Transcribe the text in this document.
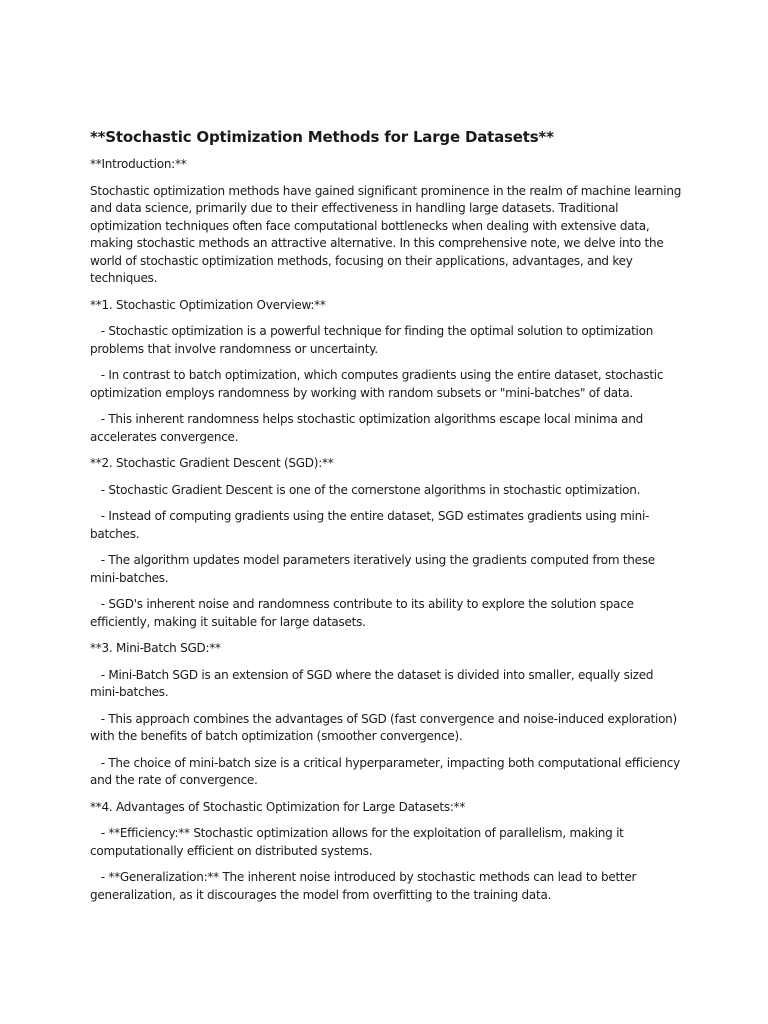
**Stochastic Optimization Methods for Large Datasets**
**Introduction:**
Stochastic optimization methods have gained significant prominence in the realm of machine learning and data science, primarily due to their effectiveness in handling large datasets. Traditional optimization techniques often face computational bottlenecks when dealing with extensive data, making stochastic methods an attractive alternative. In this comprehensive note, we delve into the world of stochastic optimization methods, focusing on their applications, advantages, and key techniques.
**1. Stochastic Optimization Overview:**
- Stochastic optimization is a powerful technique for finding the optimal solution to optimization problems that involve randomness or uncertainty.
- In contrast to batch optimization, which computes gradients using the entire dataset, stochastic optimization employs randomness by working with random subsets or "mini-batches" of data.
- This inherent randomness helps stochastic optimization algorithms escape local minima and accelerates convergence.
**2. Stochastic Gradient Descent (SGD):**
- Stochastic Gradient Descent is one of the cornerstone algorithms in stochastic optimization.
- Instead of computing gradients using the entire dataset, SGD estimates gradients using mini-batches.
- The algorithm updates model parameters iteratively using the gradients computed from these mini-batches.
- SGD's inherent noise and randomness contribute to its ability to explore the solution space efficiently, making it suitable for large datasets.
**3. Mini-Batch SGD:**
- Mini-Batch SGD is an extension of SGD where the dataset is divided into smaller, equally sized mini-batches.
- This approach combines the advantages of SGD (fast convergence and noise-induced exploration) with the benefits of batch optimization (smoother convergence).
- The choice of mini-batch size is a critical hyperparameter, impacting both computational efficiency and the rate of convergence.
**4. Advantages of Stochastic Optimization for Large Datasets:**
- **Efficiency:** Stochastic optimization allows for the exploitation of parallelism, making it computationally efficient on distributed systems.
- **Generalization:** The inherent noise introduced by stochastic methods can lead to better generalization, as it discourages the model from overfitting to the training data.
